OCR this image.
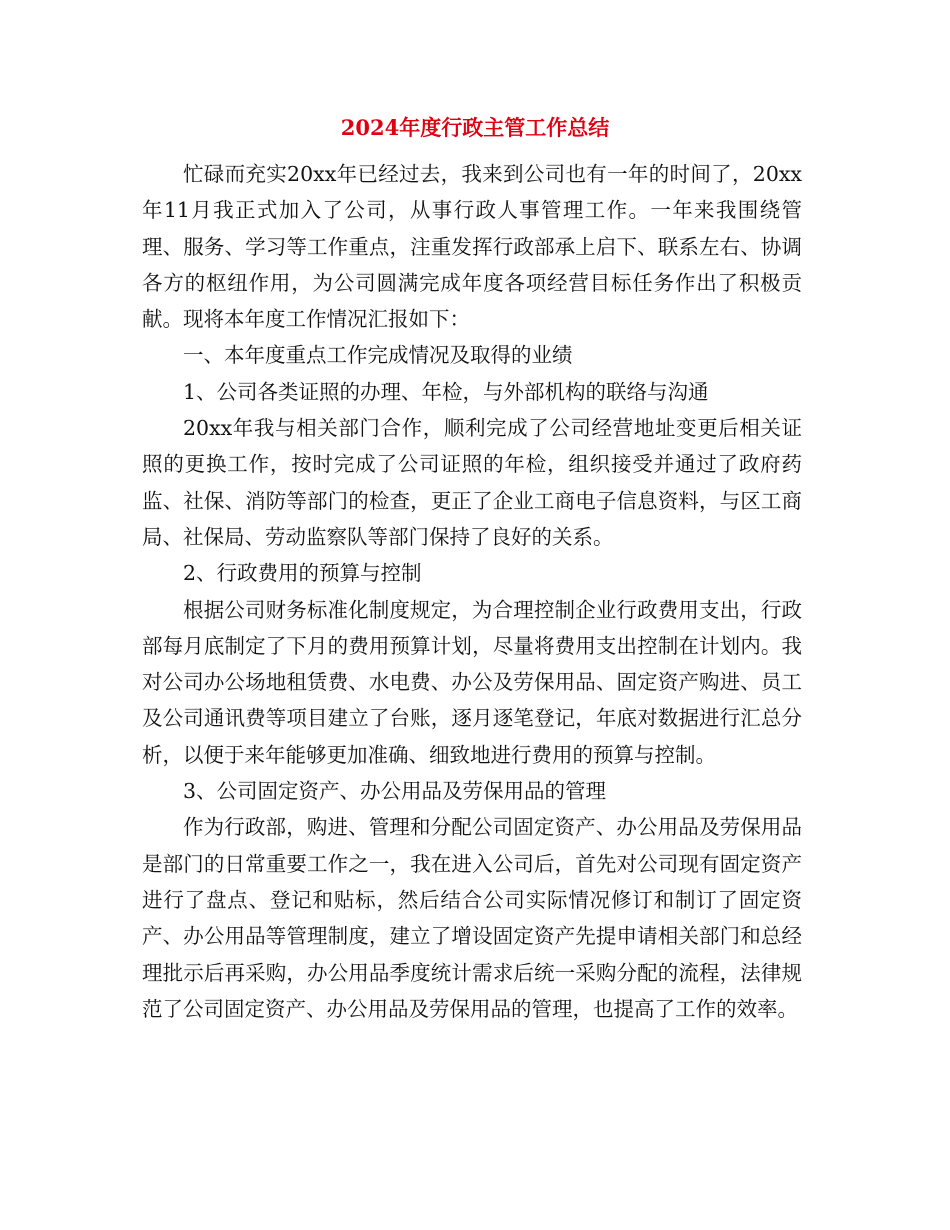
2024年度行政主管工作总结

忙碌而充实20xx年已经过去，我来到公司也有一年的时间了，20xx年11月我正式加入了公司，从事行政人事管理工作。一年来我围绕管理、服务、学习等工作重点，注重发挥行政部承上启下、联系左右、协调各方的枢纽作用，为公司圆满完成年度各项经营目标任务作出了积极贡献。现将本年度工作情况汇报如下：

一、本年度重点工作完成情况及取得的业绩

1、公司各类证照的办理、年检，与外部机构的联络与沟通

20xx年我与相关部门合作，顺利完成了公司经营地址变更后相关证照的更换工作，按时完成了公司证照的年检，组织接受并通过了政府药监、社保、消防等部门的检查，更正了企业工商电子信息资料，与区工商局、社保局、劳动监察队等部门保持了良好的关系。

2、行政费用的预算与控制

根据公司财务标准化制度规定，为合理控制企业行政费用支出，行政部每月底制定了下月的费用预算计划，尽量将费用支出控制在计划内。我对公司办公场地租赁费、水电费、办公及劳保用品、固定资产购进、员工及公司通讯费等项目建立了台账，逐月逐笔登记，年底对数据进行汇总分析，以便于来年能够更加准确、细致地进行费用的预算与控制。

3、公司固定资产、办公用品及劳保用品的管理

作为行政部，购进、管理和分配公司固定资产、办公用品及劳保用品是部门的日常重要工作之一，我在进入公司后，首先对公司现有固定资产进行了盘点、登记和贴标，然后结合公司实际情况修订和制订了固定资产、办公用品等管理制度，建立了增设固定资产先提申请相关部门和总经理批示后再采购，办公用品季度统计需求后统一采购分配的流程，法律规范了公司固定资产、办公用品及劳保用品的管理，也提高了工作的效率。
